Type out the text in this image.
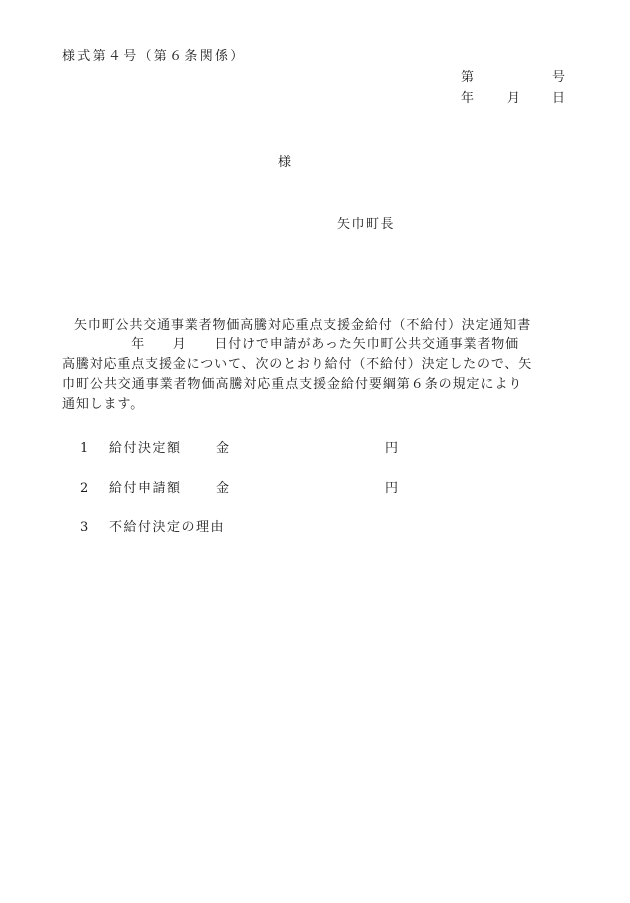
様式第４号（第６条関係）
第	号
年 月 日
様
矢巾町長
矢巾町公共交通事業者物価高騰対応重点支援金給付（不給付）決定通知書
　　　　　年　　月　　日付けで申請があった矢巾町公共交通事業者物価
高騰対応重点支援金について、次のとおり給付（不給付）決定したので、矢
巾町公共交通事業者物価高騰対応重点支援金給付要綱第６条の規定により
通知します。
1 給付決定額	金	円
2 給付申請額	金	円
3 不給付決定の理由
